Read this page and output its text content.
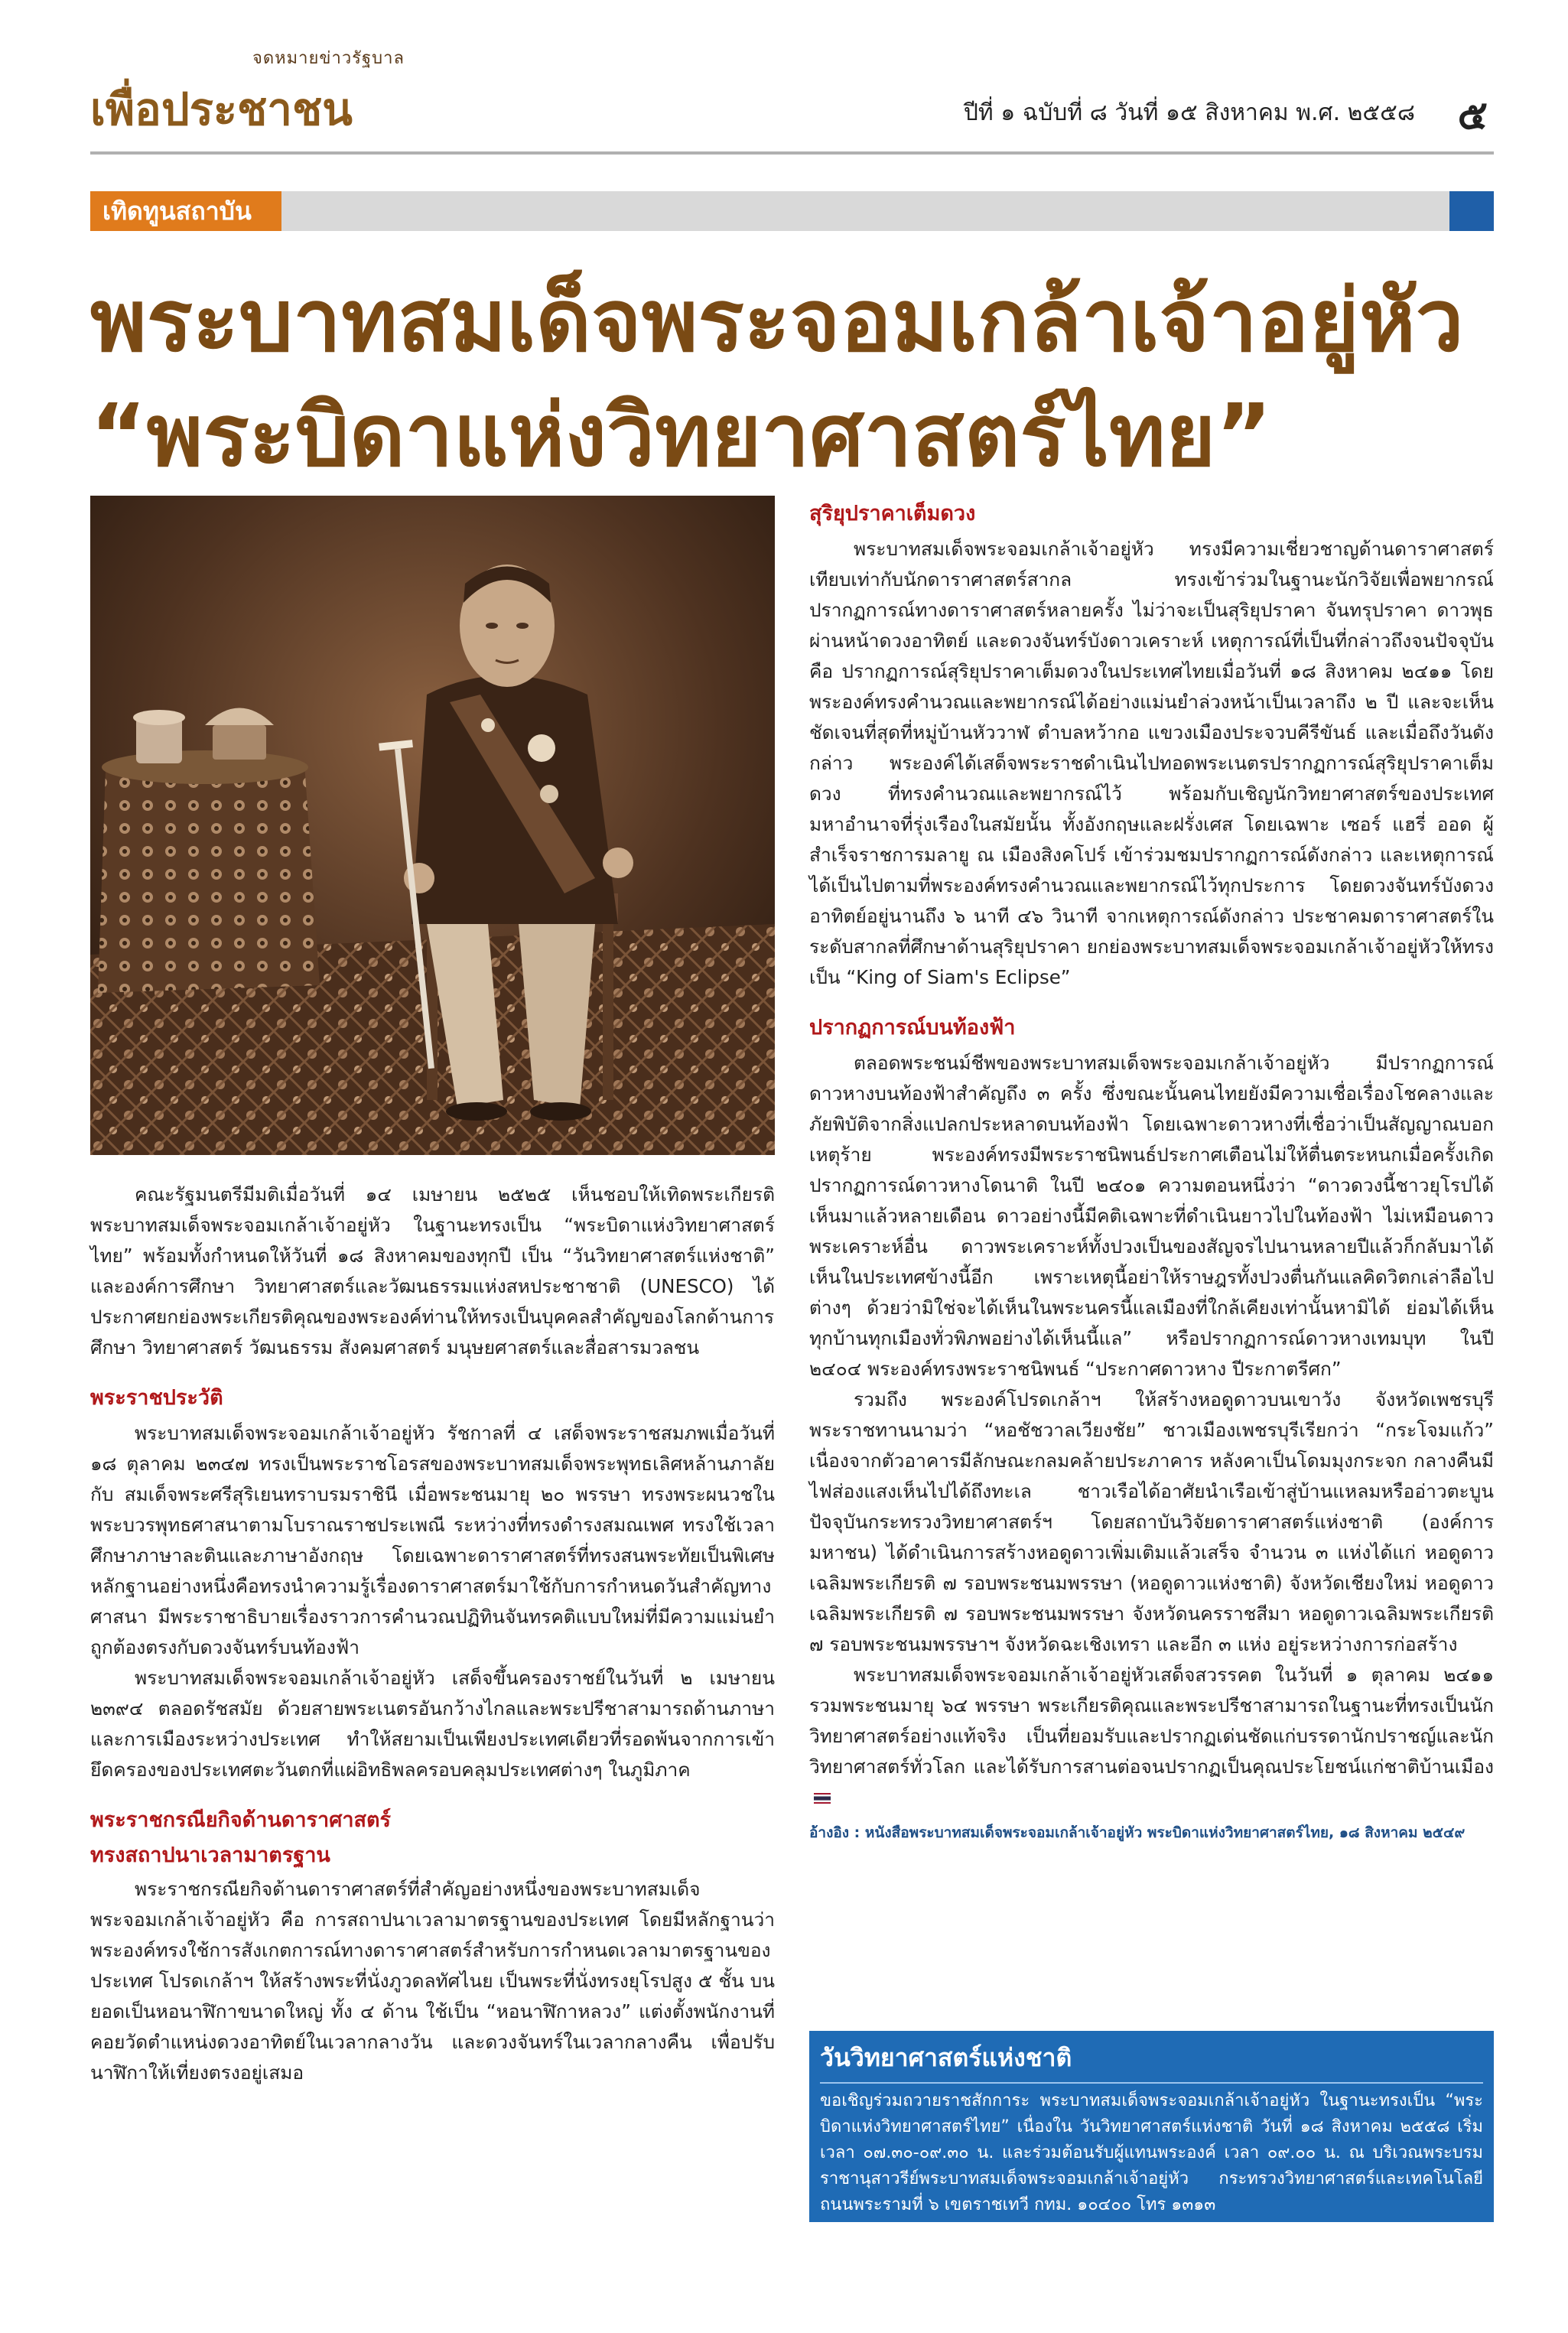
จดหมายข่าวรัฐบาล
เพื่อประชาชน	ปีที่ ๑ ฉบับที่ ๘ วันที่ ๑๕ สิงหาคม พ.ศ. ๒๕๕๘ ๕
เทิดทูนสถาบัน
พระบาทสมเด็จพระจอมเกล้าเจ้าอยู่หัว
“พระบิดาแห่งวิทยาศาสตร์ไทย”

คณะรัฐมนตรีมีมติเมื่อวันที่ ๑๔ เมษายน ๒๕๒๕ เห็นชอบให้เทิดพระเกียรติพระบาทสมเด็จพระจอมเกล้าเจ้าอยู่หัว ในฐานะทรงเป็น “พระบิดาแห่งวิทยาศาสตร์ไทย” พร้อมทั้งกำหนดให้วันที่ ๑๘ สิงหาคมของทุกปี เป็น “วันวิทยาศาสตร์แห่งชาติ” และองค์การศึกษา วิทยาศาสตร์และวัฒนธรรมแห่งสหประชาชาติ (UNESCO) ได้ประกาศยกย่องพระเกียรติคุณของพระองค์ท่านให้ทรงเป็นบุคคลสำคัญของโลกด้านการศึกษา วิทยาศาสตร์ วัฒนธรรม สังคมศาสตร์ มนุษยศาสตร์และสื่อสารมวลชน

พระราชประวัติ

พระบาทสมเด็จพระจอมเกล้าเจ้าอยู่หัว รัชกาลที่ ๔ เสด็จพระราชสมภพเมื่อวันที่ ๑๘ ตุลาคม ๒๓๔๗ ทรงเป็นพระราชโอรสของพระบาทสมเด็จพระพุทธเลิศหล้านภาลัย กับ สมเด็จพระศรีสุริเยนทราบรมราชินี เมื่อพระชนมายุ ๒๐ พรรษา ทรงพระผนวชในพระบวรพุทธศาสนาตามโบราณราชประเพณี ระหว่างที่ทรงดำรงสมณเพศ ทรงใช้เวลาศึกษาภาษาละตินและภาษาอังกฤษ โดยเฉพาะดาราศาสตร์ที่ทรงสนพระทัยเป็นพิเศษ หลักฐานอย่างหนึ่งคือทรงนำความรู้เรื่องดาราศาสตร์มาใช้กับการกำหนดวันสำคัญทางศาสนา มีพระราชาธิบายเรื่องราวการคำนวณปฏิทินจันทรคติแบบใหม่ที่มีความแม่นยำถูกต้องตรงกับดวงจันทร์บนท้องฟ้า

พระบาทสมเด็จพระจอมเกล้าเจ้าอยู่หัว เสด็จขึ้นครองราชย์ในวันที่ ๒ เมษายน ๒๓๙๔ ตลอดรัชสมัย ด้วยสายพระเนตรอันกว้างไกลและพระปรีชาสามารถด้านภาษาและการเมืองระหว่างประเทศ ทำให้สยามเป็นเพียงประเทศเดียวที่รอดพ้นจากการเข้ายึดครองของประเทศตะวันตกที่แผ่อิทธิพลครอบคลุมประเทศต่างๆ ในภูมิภาค

พระราชกรณียกิจด้านดาราศาสตร์
ทรงสถาปนาเวลามาตรฐาน

พระราชกรณียกิจด้านดาราศาสตร์ที่สำคัญอย่างหนึ่งของพระบาทสมเด็จพระจอมเกล้าเจ้าอยู่หัว คือ การสถาปนาเวลามาตรฐานของประเทศ โดยมีหลักฐานว่าพระองค์ทรงใช้การสังเกตการณ์ทางดาราศาสตร์สำหรับการกำหนดเวลามาตรฐานของประเทศ โปรดเกล้าฯ ให้สร้างพระที่นั่งภูวดลทัศไนย เป็นพระที่นั่งทรงยุโรปสูง ๕ ชั้น บนยอดเป็นหอนาฬิกาขนาดใหญ่ ทั้ง ๔ ด้าน ใช้เป็น “หอนาฬิกาหลวง” แต่งตั้งพนักงานที่คอยวัดตำแหน่งดวงอาทิตย์ในเวลากลางวัน และดวงจันทร์ในเวลากลางคืน เพื่อปรับนาฬิกาให้เที่ยงตรงอยู่เสมอ

สุริยุปราคาเต็มดวง

พระบาทสมเด็จพระจอมเกล้าเจ้าอยู่หัว ทรงมีความเชี่ยวชาญด้านดาราศาสตร์เทียบเท่ากับนักดาราศาสตร์สากล ทรงเข้าร่วมในฐานะนักวิจัยเพื่อพยากรณ์ปรากฏการณ์ทางดาราศาสตร์หลายครั้ง ไม่ว่าจะเป็นสุริยุปราคา จันทรุปราคา ดาวพุธผ่านหน้าดวงอาทิตย์ และดวงจันทร์บังดาวเคราะห์ เหตุการณ์ที่เป็นที่กล่าวถึงจนปัจจุบัน คือ ปรากฏการณ์สุริยุปราคาเต็มดวงในประเทศไทยเมื่อวันที่ ๑๘ สิงหาคม ๒๔๑๑ โดยพระองค์ทรงคำนวณและพยากรณ์ได้อย่างแม่นยำล่วงหน้าเป็นเวลาถึง ๒ ปี และจะเห็นชัดเจนที่สุดที่หมู่บ้านหัววาฬ ตำบลหว้ากอ แขวงเมืองประจวบคีรีขันธ์ และเมื่อถึงวันดังกล่าว พระองค์ได้เสด็จพระราชดำเนินไปทอดพระเนตรปรากฏการณ์สุริยุปราคาเต็มดวง ที่ทรงคำนวณและพยากรณ์ไว้ พร้อมกับเชิญนักวิทยาศาสตร์ของประเทศมหาอำนาจที่รุ่งเรืองในสมัยนั้น ทั้งอังกฤษและฝรั่งเศส โดยเฉพาะ เซอร์ แฮรี่ ออด ผู้สำเร็จราชการมลายู ณ เมืองสิงคโปร์ เข้าร่วมชมปรากฏการณ์ดังกล่าว และเหตุการณ์ได้เป็นไปตามที่พระองค์ทรงคำนวณและพยากรณ์ไว้ทุกประการ โดยดวงจันทร์บังดวงอาทิตย์อยู่นานถึง ๖ นาที ๔๖ วินาที จากเหตุการณ์ดังกล่าว ประชาคมดาราศาสตร์ในระดับสากลที่ศึกษาด้านสุริยุปราคา ยกย่องพระบาทสมเด็จพระจอมเกล้าเจ้าอยู่หัวให้ทรงเป็น “King of Siam's Eclipse”

ปรากฏการณ์บนท้องฟ้า

ตลอดพระชนม์ชีพของพระบาทสมเด็จพระจอมเกล้าเจ้าอยู่หัว มีปรากฏการณ์ดาวหางบนท้องฟ้าสำคัญถึง ๓ ครั้ง ซึ่งขณะนั้นคนไทยยังมีความเชื่อเรื่องโชคลางและภัยพิบัติจากสิ่งแปลกประหลาดบนท้องฟ้า โดยเฉพาะดาวหางที่เชื่อว่าเป็นสัญญาณบอกเหตุร้าย พระองค์ทรงมีพระราชนิพนธ์ประกาศเตือนไม่ให้ตื่นตระหนกเมื่อครั้งเกิดปรากฏการณ์ดาวหางโดนาติ ในปี ๒๔๐๑ ความตอนหนึ่งว่า “ดาวดวงนี้ชาวยุโรปได้เห็นมาแล้วหลายเดือน ดาวอย่างนี้มีคติเฉพาะที่ดำเนินยาวไปในท้องฟ้า ไม่เหมือนดาวพระเคราะห์อื่น ดาวพระเคราะห์ทั้งปวงเป็นของสัญจรไปนานหลายปีแล้วก็กลับมาได้เห็นในประเทศข้างนี้อีก เพราะเหตุนี้อย่าให้ราษฎรทั้งปวงตื่นกันแลคิดวิตกเล่าลือไปต่างๆ ด้วยว่ามิใช่จะได้เห็นในพระนครนี้แลเมืองที่ใกล้เคียงเท่านั้นหามิได้ ย่อมได้เห็นทุกบ้านทุกเมืองทั่วพิภพอย่างได้เห็นนี้แล” หรือปรากฏการณ์ดาวหางเทมบุท ในปี ๒๔๐๔ พระองค์ทรงพระราชนิพนธ์ “ประกาศดาวหาง ปีระกาตรีศก”

รวมถึง พระองค์โปรดเกล้าฯ ให้สร้างหอดูดาวบนเขาวัง จังหวัดเพชรบุรี พระราชทานนามว่า “หอชัชวาลเวียงชัย” ชาวเมืองเพชรบุรีเรียกว่า “กระโจมแก้ว” เนื่องจากตัวอาคารมีลักษณะกลมคล้ายประภาคาร หลังคาเป็นโดมมุงกระจก กลางคืนมีไฟส่องแสงเห็นไปได้ถึงทะเล ชาวเรือได้อาศัยนำเรือเข้าสู่บ้านแหลมหรืออ่าวตะบูน ปัจจุบันกระทรวงวิทยาศาสตร์ฯ โดยสถาบันวิจัยดาราศาสตร์แห่งชาติ (องค์การมหาชน) ได้ดำเนินการสร้างหอดูดาวเพิ่มเติมแล้วเสร็จ จำนวน ๓ แห่งได้แก่ หอดูดาวเฉลิมพระเกียรติ ๗ รอบพระชนมพรรษา (หอดูดาวแห่งชาติ) จังหวัดเชียงใหม่ หอดูดาวเฉลิมพระเกียรติ ๗ รอบพระชนมพรรษา จังหวัดนครราชสีมา หอดูดาวเฉลิมพระเกียรติ ๗ รอบพระชนมพรรษาฯ จังหวัดฉะเชิงเทรา และอีก ๓ แห่ง อยู่ระหว่างการก่อสร้าง

พระบาทสมเด็จพระจอมเกล้าเจ้าอยู่หัวเสด็จสวรรคต ในวันที่ ๑ ตุลาคม ๒๔๑๑ รวมพระชนมายุ ๖๔ พรรษา พระเกียรติคุณและพระปรีชาสามารถในฐานะที่ทรงเป็นนักวิทยาศาสตร์อย่างแท้จริง เป็นที่ยอมรับและปรากฏเด่นชัดแก่บรรดานักปราชญ์และนักวิทยาศาสตร์ทั่วโลก และได้รับการสานต่อจนปรากฏเป็นคุณประโยชน์แก่ชาติบ้านเมือง

อ้างอิง : หนังสือพระบาทสมเด็จพระจอมเกล้าเจ้าอยู่หัว พระบิดาแห่งวิทยาศาสตร์ไทย, ๑๘ สิงหาคม ๒๕๔๙
วันวิทยาศาสตร์แห่งชาติ
ขอเชิญร่วมถวายราชสักการะ พระบาทสมเด็จพระจอมเกล้าเจ้าอยู่หัว ในฐานะทรงเป็น “พระบิดาแห่งวิทยาศาสตร์ไทย” เนื่องใน วันวิทยาศาสตร์แห่งชาติ วันที่ ๑๘ สิงหาคม ๒๕๕๘ เริ่มเวลา ๐๗.๓๐-๐๙.๓๐ น. และร่วมต้อนรับผู้แทนพระองค์ เวลา ๐๙.๐๐ น. ณ บริเวณพระบรมราชานุสาวรีย์พระบาทสมเด็จพระจอมเกล้าเจ้าอยู่หัว กระทรวงวิทยาศาสตร์และเทคโนโลยี ถนนพระรามที่ ๖ เขตราชเทวี กทม. ๑๐๔๐๐ โทร ๑๓๑๓
